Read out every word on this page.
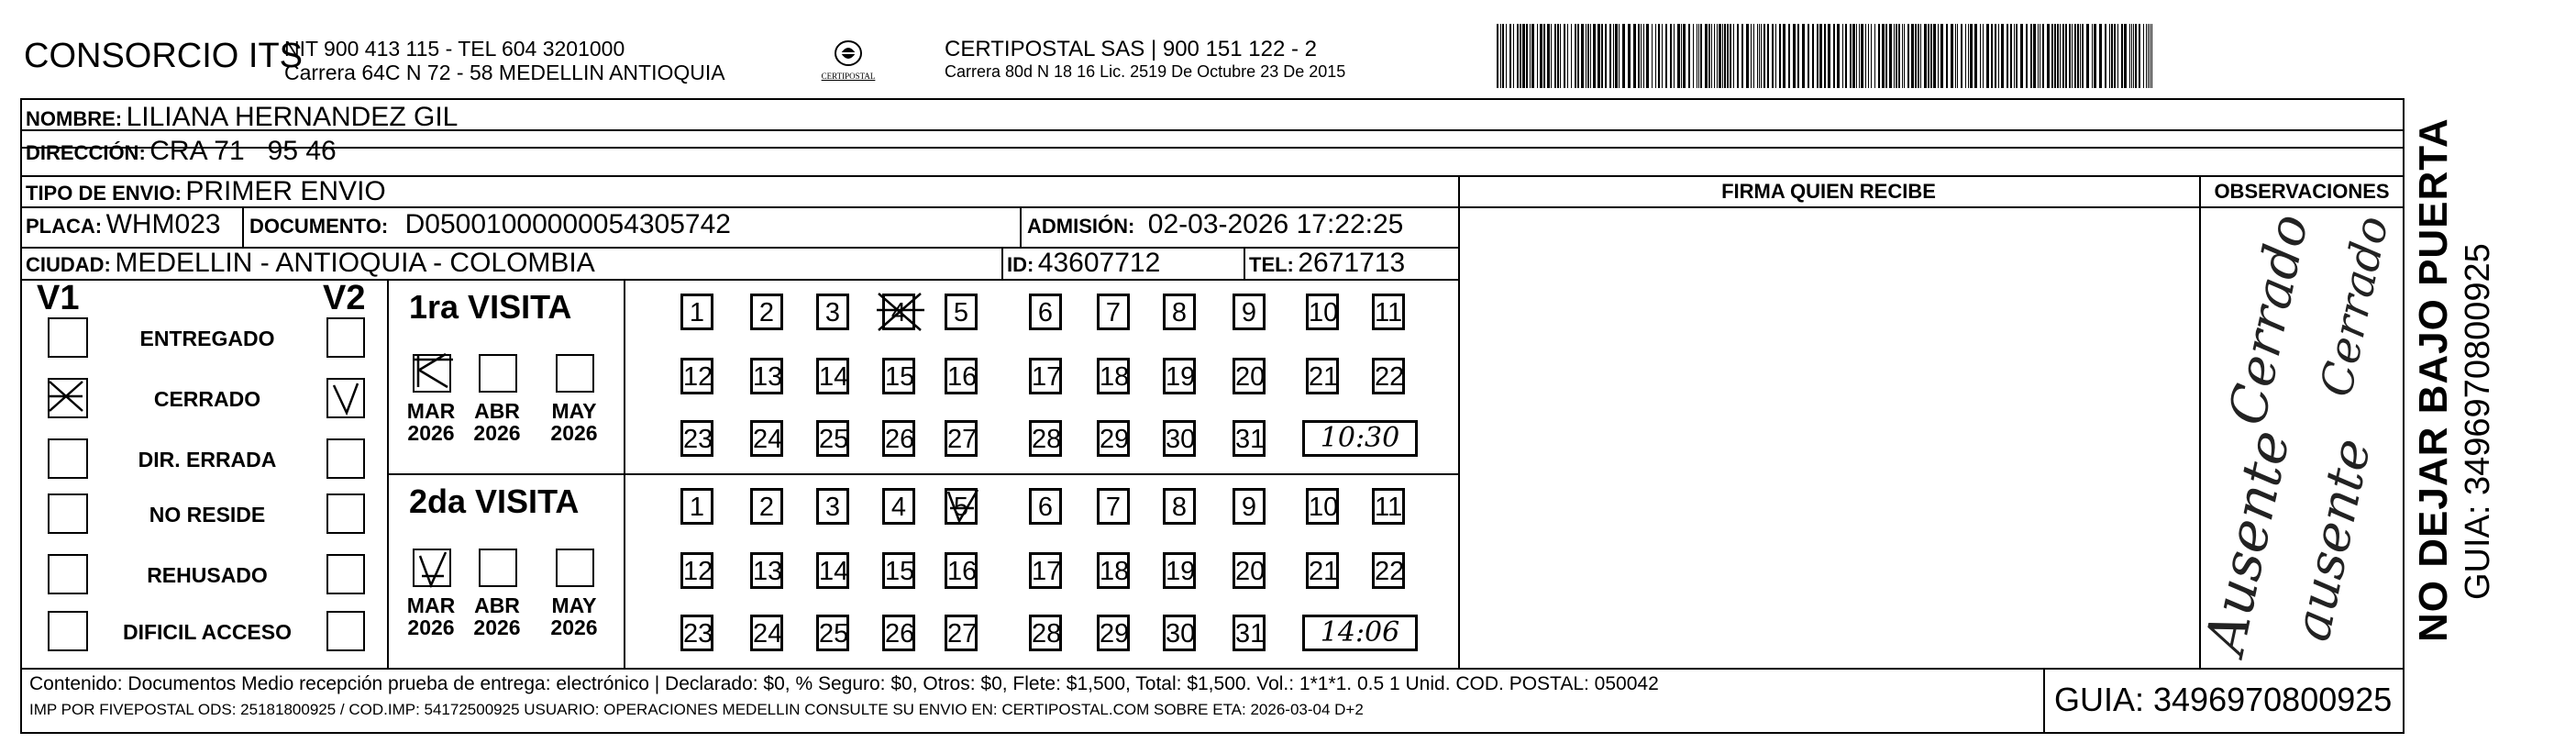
CONSORCIO ITS
NIT 900 413 115 - TEL 604 3201000
Carrera 64C N 72 - 58 MEDELLIN ANTIOQUIA	CERTIPOSTAL
CERTIPOSTAL SAS | 900 151 122 - 2
Carrera 80d N 18 16 Lic. 2519 De Octubre 23 De 2015
NOMBRE: LILIANA HERNANDEZ GIL
DIRECCIÓN: CRA 71   95 46
TIPO DE ENVIO: PRIMER ENVIO
PLACA: WHM023 DOCUMENTO: D05001000000054305742	ADMISIÓN: 02-03-2026 17:22:25
CIUDAD: MEDELLIN - ANTIOQUIA - COLOMBIA	ID: 43607712	TEL: 2671713
FIRMA QUIEN RECIBE	OBSERVACIONES
Cerrado
Cerrado
Ausente
ausente
V1	V2
ENTREGADO
CERRADO
DIR. ERRADA
NO RESIDE
REHUSADO
DIFICIL ACCESO
1ra VISITA
MAR
2026
ABR
2026
MAY
2026
1	2	3	4	5	6	7	8	9	10 11
12 13 14 15 16 17 18 19 20 21 22
23 24 25 26 27 28 29 30 31	10:30
2da VISITA
MAR
2026
ABR
2026
MAY
2026
1	2	3	4	5	6	7	8	9	10 11
12 13 14 15 16 17 18 19 20 21 22
23 24 25 26 27 28 29 30 31	14:06	NO DEJAR BAJO PUERTA GUIA: 3496970800925
Contenido: Documentos Medio recepción prueba de entrega: electrónico | Declarado: $0, % Seguro: $0, Otros: $0, Flete: $1,500, Total: $1,500. Vol.: 1*1*1. 0.5 1 Unid. COD. POSTAL: 050042
IMP POR FIVEPOSTAL ODS: 25181800925 / COD.IMP: 54172500925 USUARIO: OPERACIONES MEDELLIN CONSULTE SU ENVIO EN: CERTIPOSTAL.COM SOBRE ETA: 2026-03-04 D+2	GUIA: 3496970800925
